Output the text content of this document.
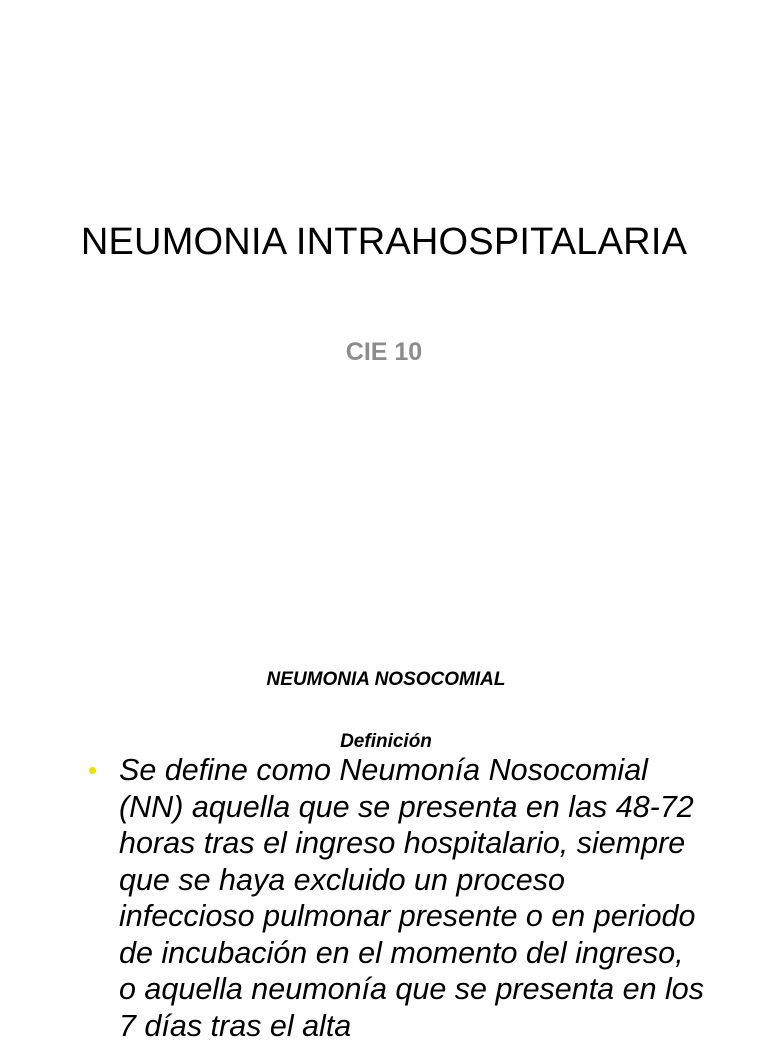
NEUMONIA INTRAHOSPITALARIA
CIE 10
NEUMONIA NOSOCOMIAL
Definición
• Se define como Neumonía Nosocomial (NN) aquella que se presenta en las 48-72 horas tras el ingreso hospitalario, siempre que se haya excluido un proceso infeccioso pulmonar presente o en periodo de incubación en el momento del ingreso, o aquella neumonía que se presenta en los 7 días tras el alta
